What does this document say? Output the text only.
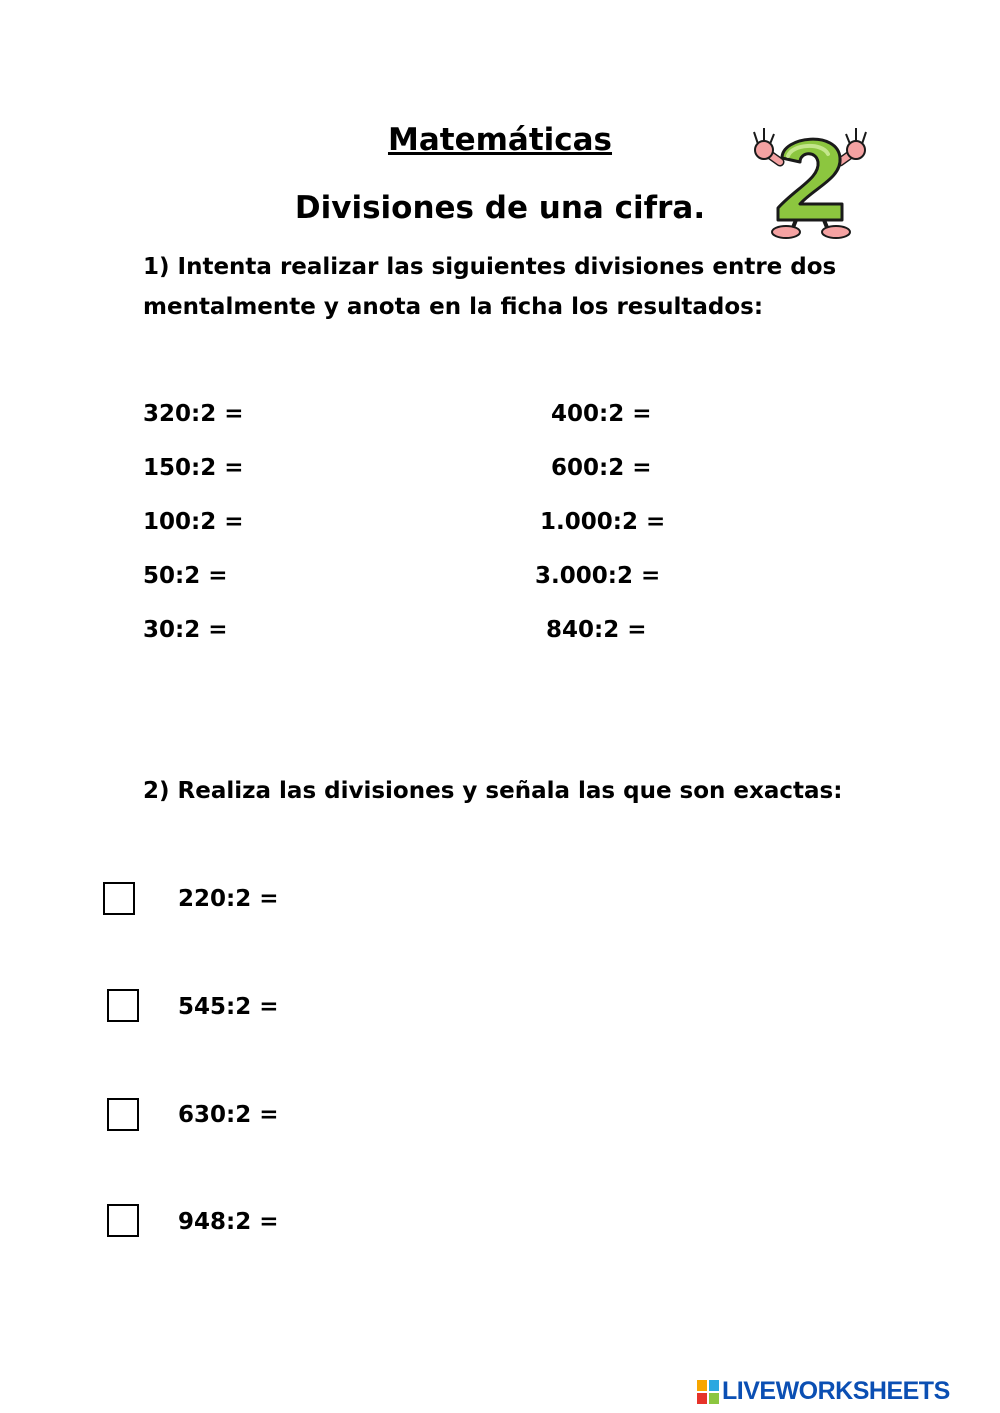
Matemáticas
Divisiones de una cifra.
1) Intenta realizar las siguientes divisiones entre dos
mentalmente y anota en la ficha los resultados:
320:2 =
150:2 =
100:2 =
50:2 =
30:2 =
400:2 =
600:2 =
1.000:2 =
3.000:2 =
840:2 =
2) Realiza las divisiones y señala las que son exactas:
220:2 =
545:2 =
630:2 =
948:2 =
LIVEWORKSHEETS
